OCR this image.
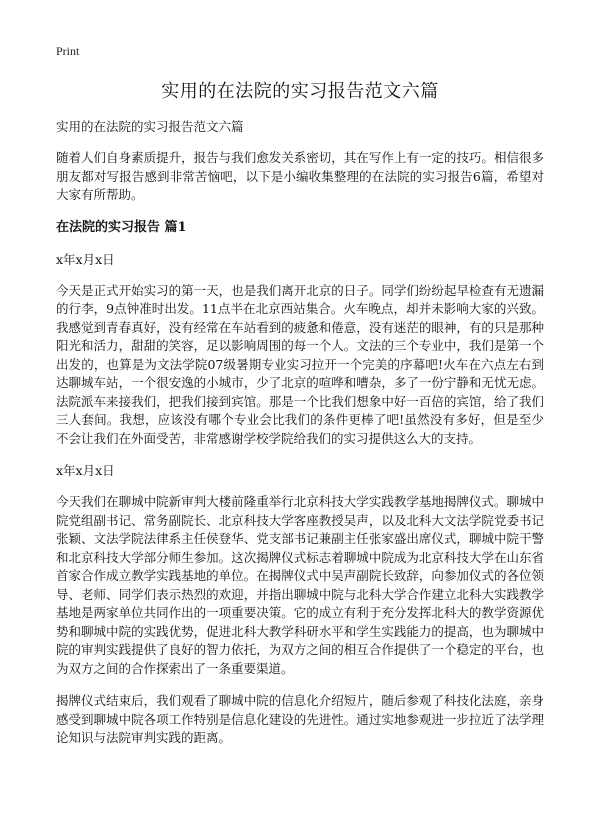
Print
实用的在法院的实习报告范文六篇

实用的在法院的实习报告范文六篇

随着人们自身素质提升，报告与我们愈发关系密切，其在写作上有一定的技巧。相信很多朋友都对写报告感到非常苦恼吧，以下是小编收集整理的在法院的实习报告6篇，希望对大家有所帮助。

在法院的实习报告 篇1

x年x月x日

今天是正式开始实习的第一天，也是我们离开北京的日子。同学们纷纷起早检查有无遗漏的行李，9点钟准时出发。11点半在北京西站集合。火车晚点，却并未影响大家的兴致。我感觉到青春真好，没有经常在车站看到的疲惫和倦意，没有迷茫的眼神，有的只是那种阳光和活力，甜甜的笑容，足以影响周围的每一个人。文法的三个专业中，我们是第一个出发的，也算是为文法学院07级暑期专业实习拉开一个完美的序幕吧!火车在六点左右到达聊城车站，一个很安逸的小城市，少了北京的喧哗和嘈杂，多了一份宁静和无忧无虑。法院派车来接我们，把我们接到宾馆。那是一个比我们想象中好一百倍的宾馆，给了我们三人套间。我想，应该没有哪个专业会比我们的条件更棒了吧!虽然没有多好，但是至少不会让我们在外面受苦，非常感谢学校学院给我们的实习提供这么大的支持。

x年x月x日

今天我们在聊城中院新审判大楼前隆重举行北京科技大学实践教学基地揭牌仪式。聊城中院党组副书记、常务副院长、北京科技大学客座教授吴声，以及北科大文法学院党委书记张颖、文法学院法律系主任侯登华、党支部书记兼副主任张家盛出席仪式，聊城中院干警和北京科技大学部分师生参加。这次揭牌仪式标志着聊城中院成为北京科技大学在山东省首家合作成立教学实践基地的单位。在揭牌仪式中吴声副院长致辞，向参加仪式的各位领导、老师、同学们表示热烈的欢迎，并指出聊城中院与北科大学合作建立北科大实践教学基地是两家单位共同作出的一项重要决策。它的成立有利于充分发挥北科大的教学资源优势和聊城中院的实践优势，促进北科大教学科研水平和学生实践能力的提高，也为聊城中院的审判实践提供了良好的智力依托，为双方之间的相互合作提供了一个稳定的平台，也为双方之间的合作探索出了一条重要渠道。

揭牌仪式结束后，我们观看了聊城中院的信息化介绍短片，随后参观了科技化法庭，亲身感受到聊城中院各项工作特别是信息化建设的先进性。通过实地参观进一步拉近了法学理论知识与法院审判实践的距离。
